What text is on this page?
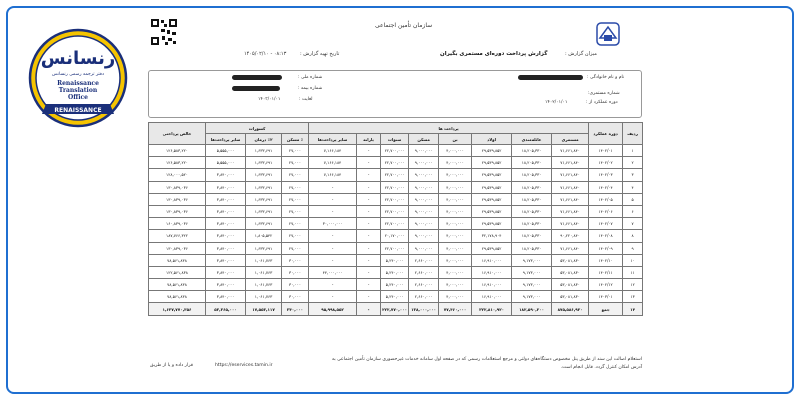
رنسانس
دفتر ترجمه رسمی رنسانس
Renaissance
Translation
Office
RENAISSANCE
سازمان تأمین اجتماعی
میزان گزارش :
گزارش پرداخت دوره‌ای مستمری بگیران
تاریخ تهیه گزارش :
۱۴۰۵/۰۲/۱۰ - ۰۸:۱۳
نام و نام خانوادگی :
شماره مستمری:
دوره عملکرد از :
۱۴۰۲/۰۱/۰۱
شماره ملی :
شماره بیمه :
لغایت :
۱۴۰۳/۰۱/۰۱
ردیف	دوره عملکرد	پرداخت ها								کسورات			خالص پرداختی
		مستمری	عائله‌مندی	اولاد	بن	مسکن	سنوات	یارانه	سایر پرداخت‌ها	٪ مسکن	٢٪ درمان	سایر پرداخت‌ها	
۱	۱۴۰۲/۰۱	۷۱,۶۶۱,۸۴۰	۱۸,۲۰۵,۳۳۰	۲۹,۵۳۹,۸۵۲	۴,۰۰۰,۰۰۰	۹,۰۰۰,۰۰۰	۲۲,۷۰۰,۰۰۰	-	۷,۱۶۶,۱۸۴	۲۷,۰۰۰	۱,۶۳۳,۶۹۱	۵,۵۵۵,۰۰۰	۱۲۶,۵۸۳,۲۲۰
۲	۱۴۰۲/۰۲	۷۱,۶۶۱,۸۴۰	۱۸,۲۰۵,۳۳۰	۲۹,۵۳۹,۸۵۲	۴,۰۰۰,۰۰۰	۹,۰۰۰,۰۰۰	۲۲,۷۰۰,۰۰۰	-	۷,۱۶۶,۱۸۴	۲۷,۰۰۰	۱,۶۳۳,۶۹۱	۵,۵۵۵,۰۰۰	۱۲۶,۵۸۳,۲۲۰
۳	۱۴۰۲/۰۳	۷۱,۶۶۱,۸۴۰	۱۸,۲۰۵,۳۳۰	۲۹,۵۳۹,۸۵۲	۴,۰۰۰,۰۰۰	۹,۰۰۰,۰۰۰	۲۲,۷۰۰,۰۰۰	-	۷,۱۶۶,۱۸۴	۲۷,۰۰۰	۱,۶۳۳,۶۹۱	۳,۸۴۰,۰۰۰	۱۲۸,۰۰۰,۵۲۰
۴	۱۴۰۲/۰۴	۷۱,۶۶۱,۸۴۰	۱۸,۲۰۵,۳۳۰	۲۹,۵۳۹,۸۵۲	۴,۰۰۰,۰۰۰	۹,۰۰۰,۰۰۰	۲۲,۷۰۰,۰۰۰	-	-	۲۷,۰۰۰	۱,۶۳۳,۶۹۱	۳,۸۴۰,۰۰۰	۱۳۰,۸۳۹,۰۳۶
۵	۱۴۰۲/۰۵	۷۱,۶۶۱,۸۴۰	۱۸,۲۰۵,۳۳۰	۲۹,۵۳۹,۸۵۲	۴,۰۰۰,۰۰۰	۹,۰۰۰,۰۰۰	۲۲,۷۰۰,۰۰۰	-	-	۲۷,۰۰۰	۱,۶۳۳,۶۹۱	۳,۸۴۰,۰۰۰	۱۳۰,۸۳۹,۰۳۶
۶	۱۴۰۲/۰۶	۷۱,۶۶۱,۸۴۰	۱۸,۲۰۵,۳۳۰	۲۹,۵۳۹,۸۵۲	۴,۰۰۰,۰۰۰	۹,۰۰۰,۰۰۰	۲۲,۷۰۰,۰۰۰	-	-	۲۷,۰۰۰	۱,۶۳۳,۶۹۱	۳,۸۴۰,۰۰۰	۱۳۰,۸۳۹,۰۳۶
۷	۱۴۰۲/۰۷	۷۱,۶۶۱,۸۴۰	۱۸,۲۰۵,۳۳۰	۲۹,۵۳۹,۸۵۲	۴,۰۰۰,۰۰۰	۹,۰۰۰,۰۰۰	۲۲,۷۰۰,۰۰۰	-	۳۰,۰۰۰,۰۰۰	۲۷,۰۰۰	۱,۶۳۳,۶۹۱	۳,۸۴۰,۰۰۰	۱۶۰,۸۳۹,۰۳۶
۸	۱۴۰۲/۰۸	۹۰,۲۲۰,۸۴۰	۱۸,۲۰۵,۳۳۰	۳۲,۱۷۸,۹۰۴	۴,۰۰۰,۰۰۰	۹,۰۰۰,۰۰۰	۲۰,۱۷۰,۰۰۰	-	-	۲۷,۰۰۰	۱,۸۰۵,۵۴۲	۳,۸۴۰,۰۰۰	۱۸۷,۷۶۶,۳۲۲
۹	۱۴۰۲/۰۹	۷۱,۶۶۱,۸۴۰	۱۸,۲۰۵,۳۳۰	۲۹,۵۳۹,۸۵۲	۴,۰۰۰,۰۰۰	۹,۰۰۰,۰۰۰	۲۲,۷۰۰,۰۰۰	-	-	۲۷,۰۰۰	۱,۶۳۳,۶۹۱	۳,۸۴۰,۰۰۰	۱۳۰,۸۳۹,۰۳۶
۱۰	۱۴۰۲/۱۰	۵۳,۰۸۱,۸۳۰	۹,۱۷۳,۰۰۰	۱۶,۹۱۰,۰۰۰	۴,۰۰۰,۰۰۰	۲,۶۶۰,۰۰۰	۵,۲۴۰,۰۰۰	-	-	۳۰,۰۰۰	۱,۰۶۱,۷۶۳	۳,۸۴۰,۰۰۰	۷۸,۵۶۱,۸۳۸
۱۱	۱۴۰۲/۱۱	۵۳,۰۸۱,۸۳۰	۹,۱۷۳,۰۰۰	۱۶,۹۱۰,۰۰۰	۴,۰۰۰,۰۰۰	۲,۶۶۰,۰۰۰	۵,۲۴۰,۰۰۰	-	۴۴,۰۰۰,۰۰۰	۳۰,۰۰۰	۱,۰۶۱,۷۶۳	۳,۸۴۰,۰۰۰	۱۲۲,۵۶۱,۸۳۸
۱۲	۱۴۰۲/۱۲	۵۳,۰۸۱,۸۳۰	۹,۱۷۳,۰۰۰	۱۶,۹۱۰,۰۰۰	۴,۰۰۰,۰۰۰	۲,۶۶۰,۰۰۰	۵,۲۴۰,۰۰۰	-	-	۳۰,۰۰۰	۱,۰۶۱,۷۶۳	۳,۸۴۰,۰۰۰	۷۸,۵۶۱,۸۳۸
۱۳	۱۴۰۳/۰۱	۵۳,۰۸۱,۸۳۰	۹,۱۷۳,۰۰۰	۱۶,۹۱۰,۰۰۰	۴,۰۰۰,۰۰۰	۲,۶۶۰,۰۰۰	۵,۲۴۰,۰۰۰	-	-	۳۰,۰۰۰	۱,۰۶۱,۷۶۳	۳,۸۴۰,۰۰۰	۷۸,۵۶۱,۸۳۸
۱۴	جمع	۸۷۵,۵۸۶,۹۲۰	۱۸۲,۵۹۰,۲۰۰	۳۲۲,۸۱۰,۹۲۰	۷۷,۴۶۰,۰۰۰	۱۳۸,۰۰۰,۰۰۰	۲۲۲,۷۷۰,۰۰۰	-	۹۵,۹۹۸,۵۵۲	۳۴۰,۰۰۰	۱۷,۵۵۳,۱۱۷	۵۳,۳۶۵,۰۰۰	۱,۶۳۷,۷۷۰,۳۵۶
استعلام اصالت این سند از طریق پنل مخصوص دستگاه‌های دولتی و مرجع استعلامات رسمی که در صفحه اول سامانه خدمات غیرحضوری سازمان تأمین اجتماعی به آدرس امکان کنترل گردد. قابل انجام است.
https://eservices.tamin.ir
قرار داده و یا از طریق
